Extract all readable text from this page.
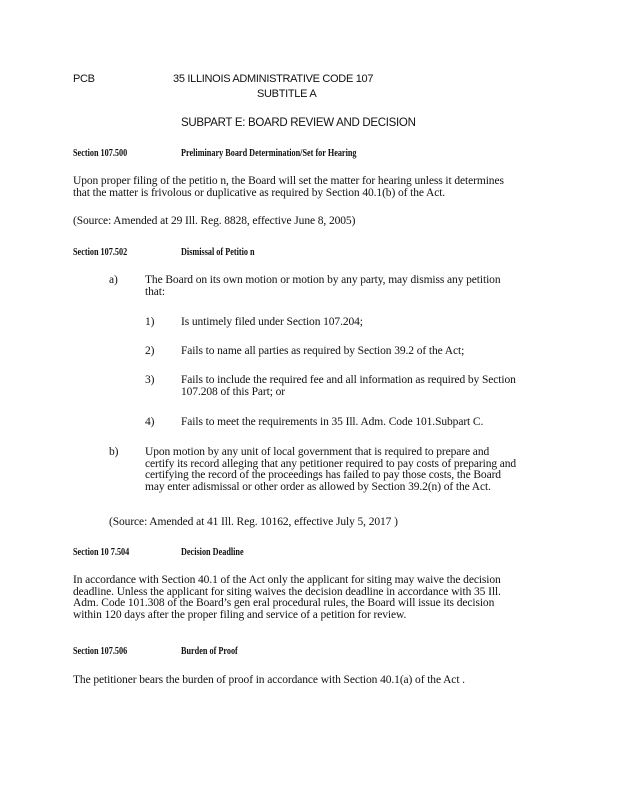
PCB	35 ILLINOIS ADMINISTRATIVE CODE 107
SUBTITLE A
SUBPART E: BOARD REVIEW AND DECISION
Section 107.500	Preliminary Board Determination/Set for Hearing
Upon proper filing of the petitio n, the Board will set the matter for hearing unless it determines
that the matter is frivolous or duplicative as required by Section 40.1(b) of the Act.
(Source: Amended at 29 Ill. Reg. 8828, effective June 8, 2005)
Section 107.502	Dismissal of Petitio n
a) The Board on its own motion or motion by any party, may dismiss any petition
that:
1) Is untimely filed under Section 107.204;
2) Fails to name all parties as required by Section 39.2 of the Act;
3) Fails to include the required fee and all information as required by Section
107.208 of this Part; or
4) Fails to meet the requirements in 35 Ill. Adm. Code 101.Subpart C.
b) Upon motion by any unit of local government that is required to prepare and
certify its record alleging that any petitioner required to pay costs of preparing and
certifying the record of the proceedings has failed to pay those costs, the Board
may enter adismissal or other order as allowed by Section 39.2(n) of the Act.
(Source: Amended at 41 Ill. Reg. 10162, effective July 5, 2017 )
Section 10 7.504	Decision Deadline
In accordance with Section 40.1 of the Act only the applicant for siting may waive the decision
deadline. Unless the applicant for siting waives the decision deadline in accordance with 35 Ill.
Adm. Code 101.308 of the Board’s gen eral procedural rules, the Board will issue its decision
within 120 days after the proper filing and service of a petition for review.
Section 107.506	Burden of Proof
The petitioner bears the burden of proof in accordance with Section 40.1(a) of the Act .
